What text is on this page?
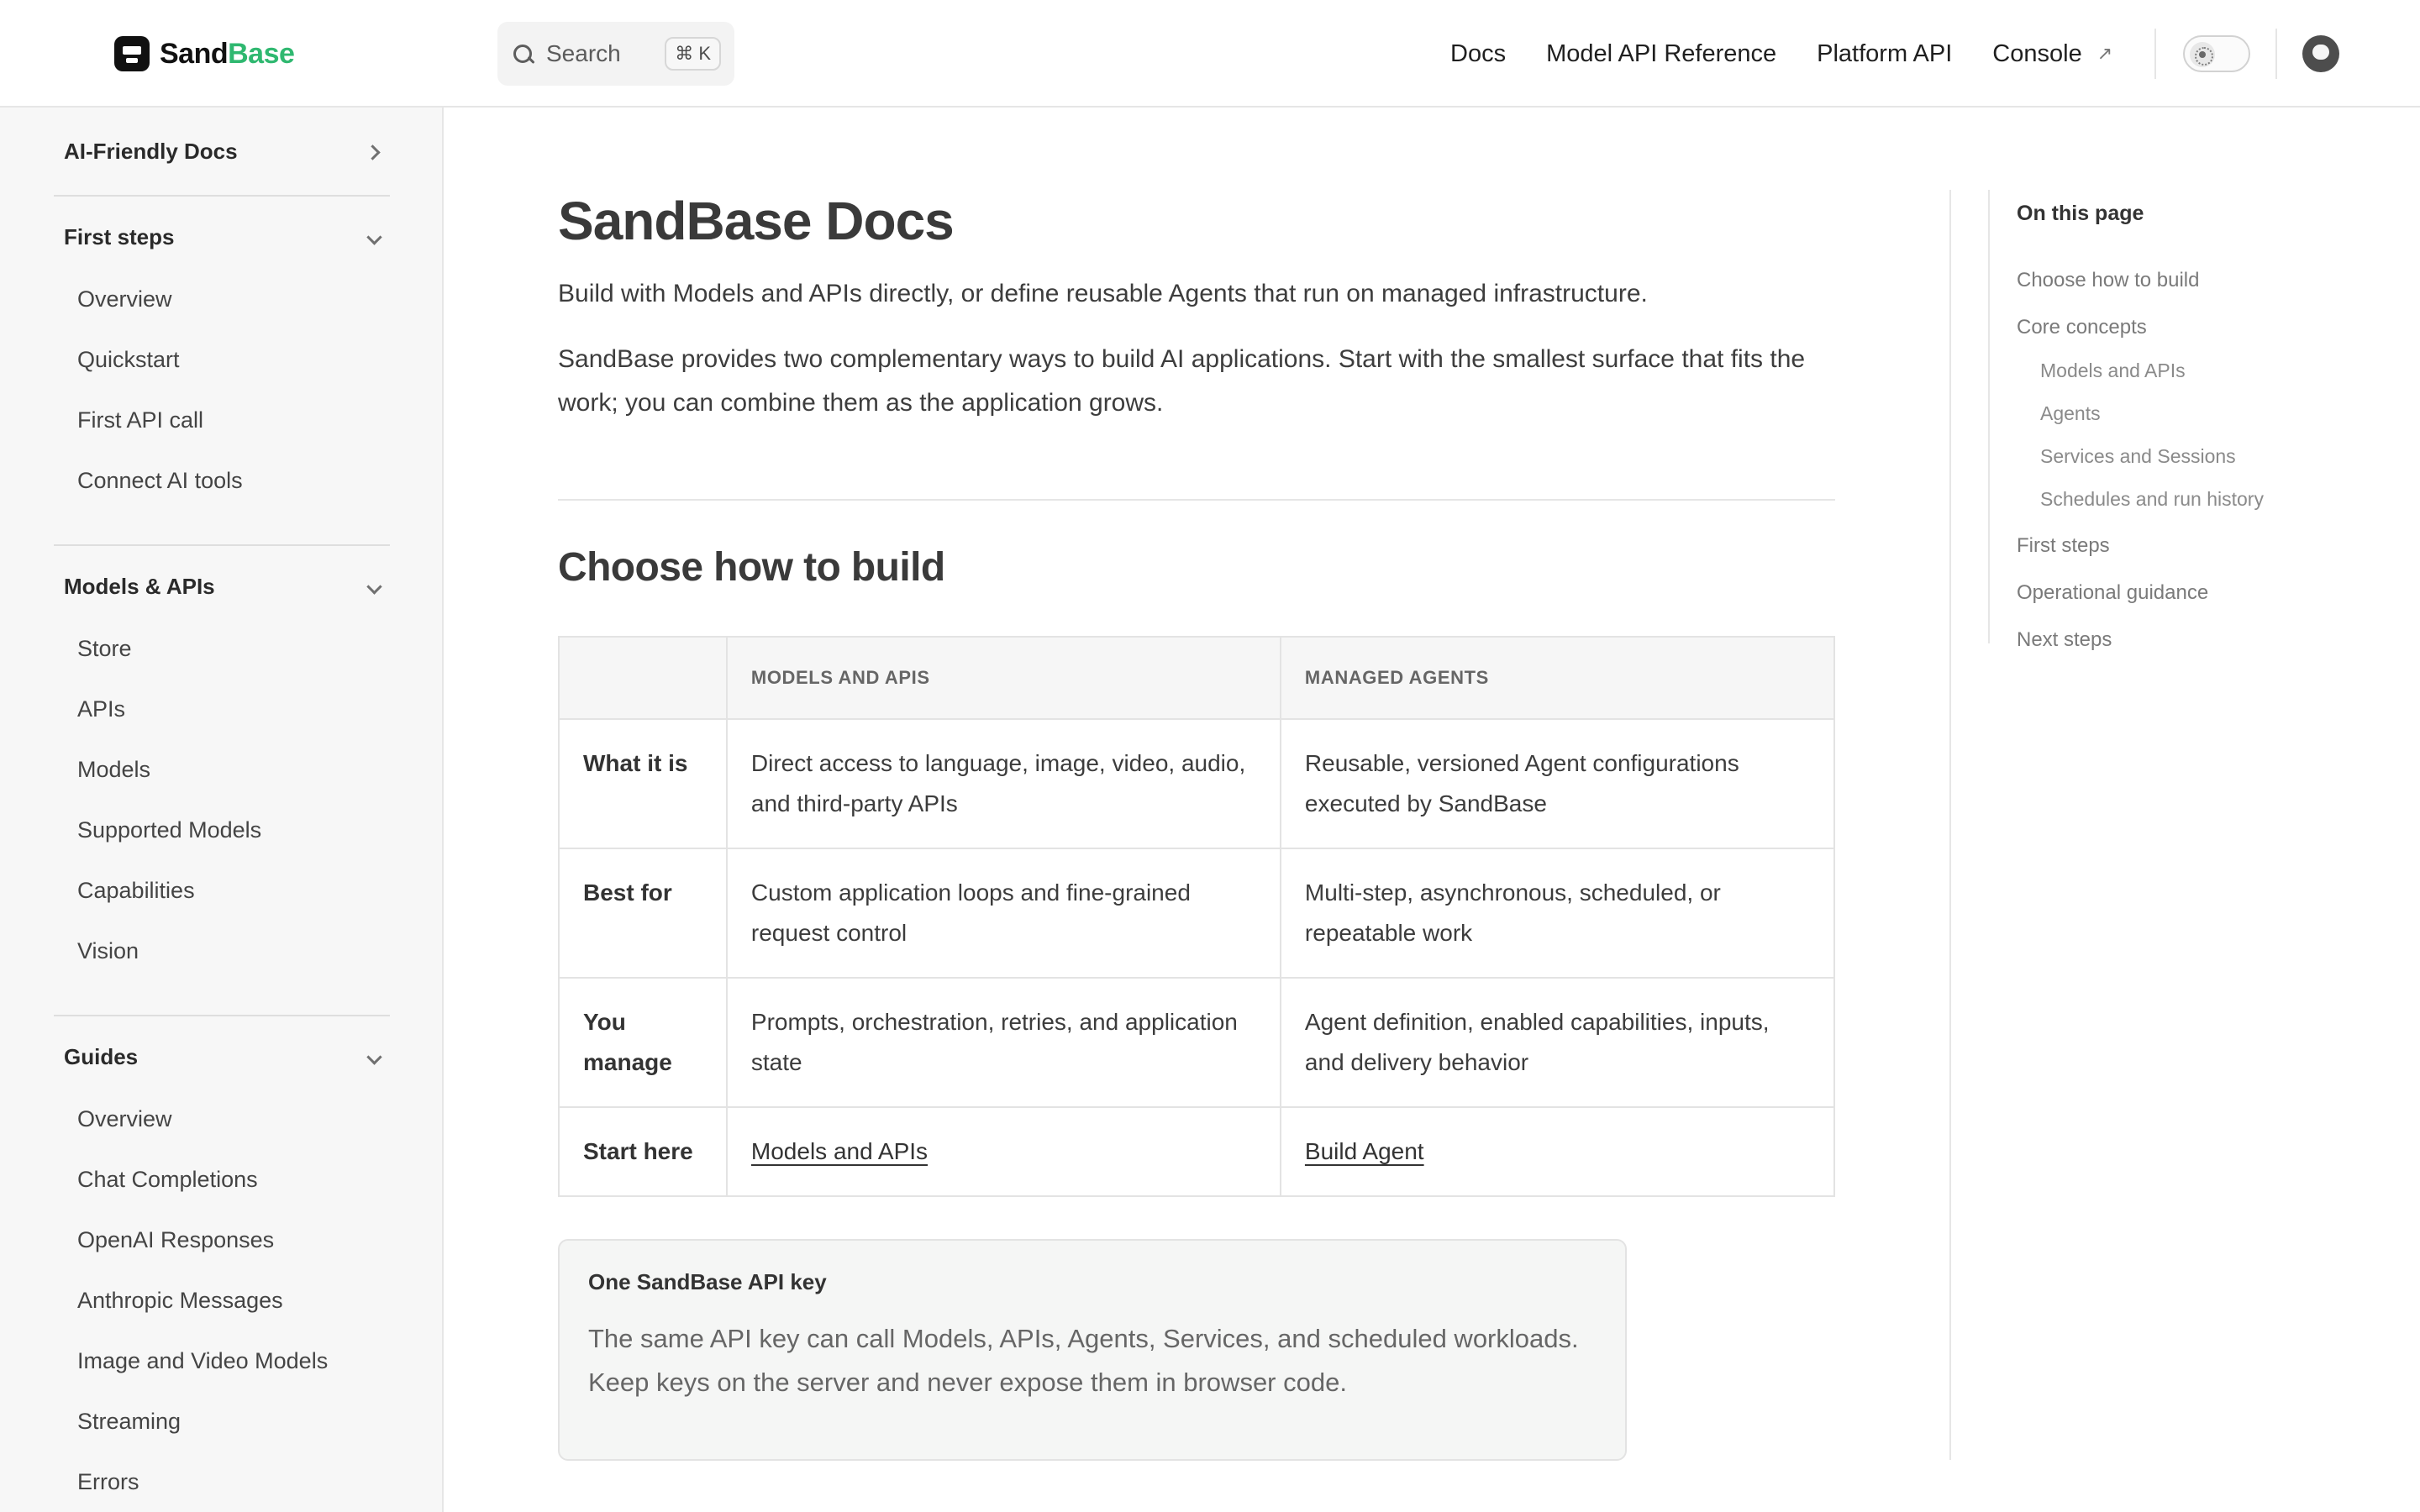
SandBase	Search	⌘ K	Docs Model API Reference Platform API Console ↗
AI-Friendly Docs
First steps
Overview
Quickstart
First API call
Connect AI tools
Models & APIs
Store
APIs
Models
Supported Models
Capabilities
Vision
Guides
Overview
Chat Completions
OpenAI Responses
Anthropic Messages
Image and Video Models
Streaming
Errors
SandBase Docs

Build with Models and APIs directly, or define reusable Agents that run on managed infrastructure.

SandBase provides two complementary ways to build AI applications. Start with the smallest surface that fits the work; you can combine them as the application grows.

Choose how to build
	MODELS AND APIS	MANAGED AGENTS
What it is	Direct access to language, image, video, audio, and third-party APIs	Reusable, versioned Agent configurations executed by SandBase
Best for	Custom application loops and fine-grained request control	Multi-step, asynchronous, scheduled, or repeatable work
You manage	Prompts, orchestration, retries, and application state	Agent definition, enabled capabilities, inputs, and delivery behavior
Start here	Models and APIs	Build Agent
One SandBase API key
The same API key can call Models, APIs, Agents, Services, and scheduled workloads. Keep keys on the server and never expose them in browser code.
On this page
Choose how to build
Core concepts
Models and APIs
Agents
Services and Sessions
Schedules and run history
First steps
Operational guidance
Next steps
